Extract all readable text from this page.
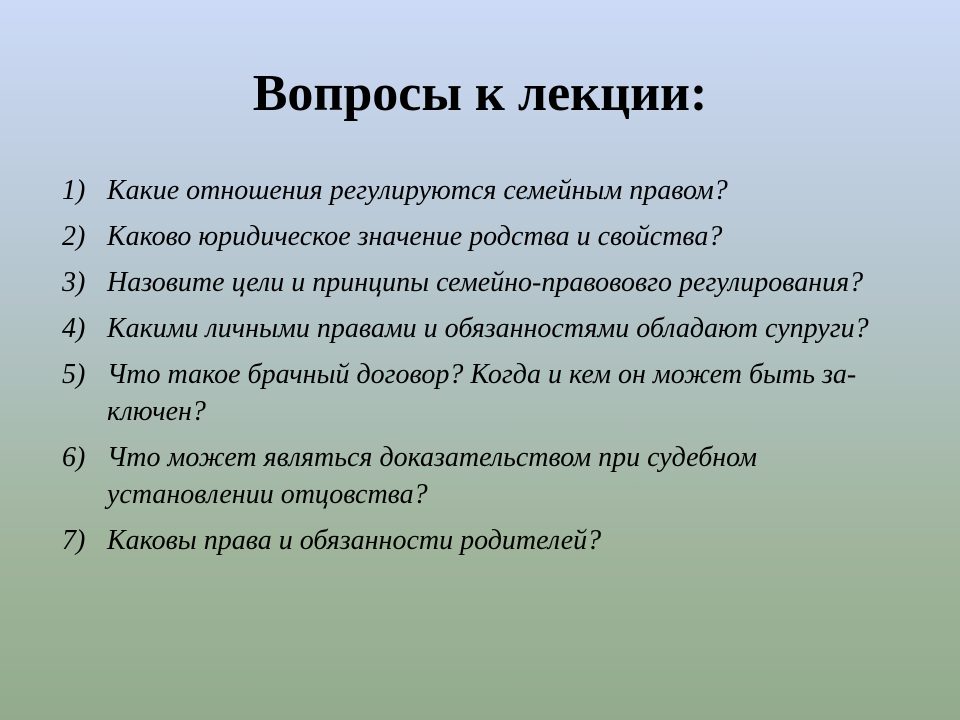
Вопросы к лекции:
1) Какие отношения регулируются семейным правом?
2) Каково юридическое значение родства и свойства?
3) Назовите цели и принципы семейно-правововго регулирования?
4) Какими личными правами и обязанностями обладают супруги?
5) Что такое брачный договор? Когда и кем он может быть за-ключен?
6) Что может являться доказательством при судебном установлении отцовства?
7) Каковы права и обязанности родителей?
